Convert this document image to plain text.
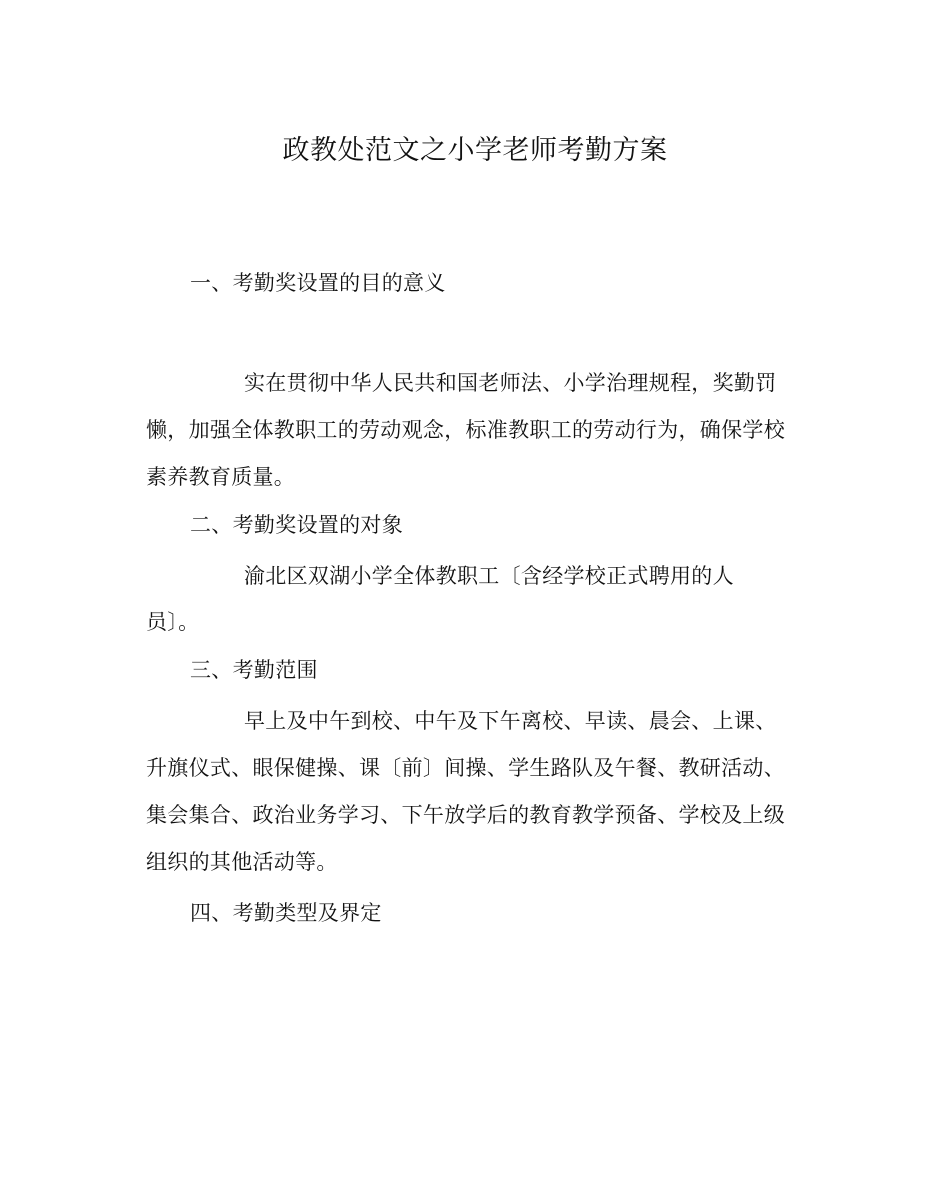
政教处范文之小学老师考勤方案
一、考勤奖设置的目的意义
实在贯彻中华人民共和国老师法、小学治理规程，奖勤罚
懒，加强全体教职工的劳动观念，标准教职工的劳动行为，确保学校
素养教育质量。
二、考勤奖设置的对象
渝北区双湖小学全体教职工〔含经学校正式聘用的人
员〕。
三、考勤范围
早上及中午到校、中午及下午离校、早读、晨会、上课、
升旗仪式、眼保健操、课〔前〕间操、学生路队及午餐、教研活动、
集会集合、政治业务学习、下午放学后的教育教学预备、学校及上级
组织的其他活动等。
四、考勤类型及界定
